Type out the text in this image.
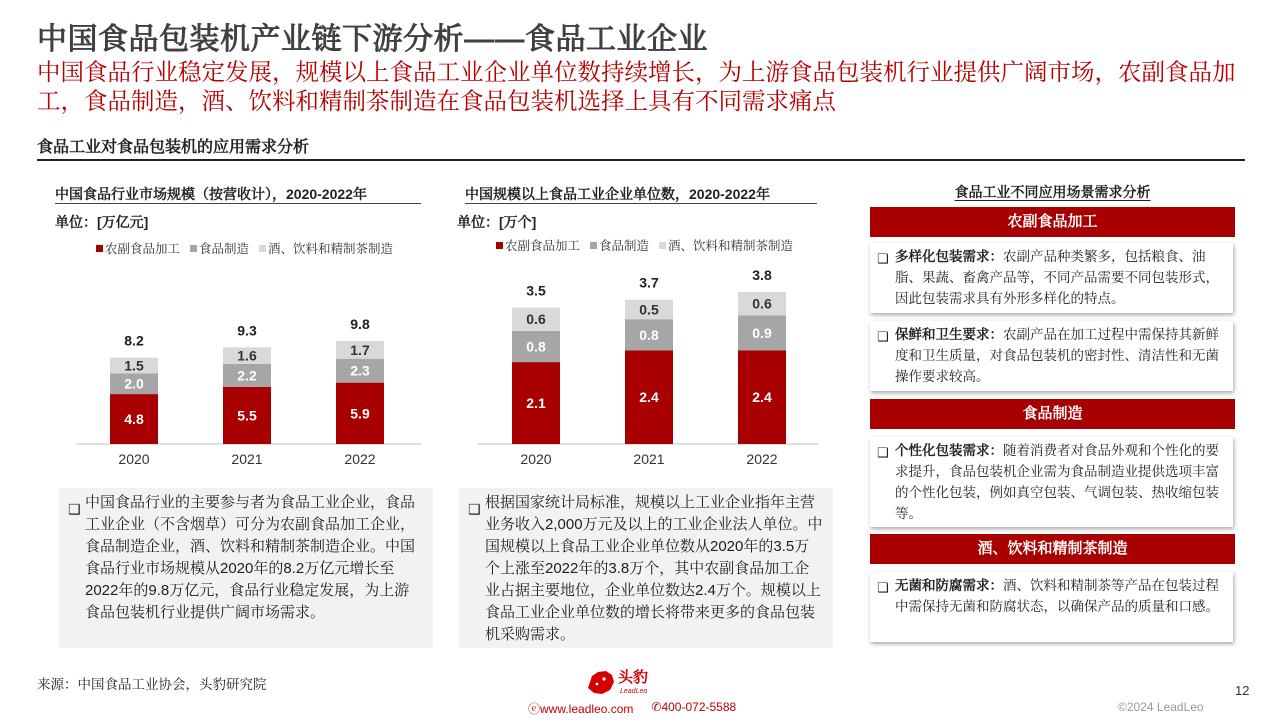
中国食品包装机产业链下游分析——食品工业企业
中国食品行业稳定发展，规模以上食品工业企业单位数持续增长，为上游食品包装机行业提供广阔市场，农副食品加工，食品制造，酒、饮料和精制茶制造在食品包装机选择上具有不同需求痛点
食品工业对食品包装机的应用需求分析
中国食品行业市场规模（按营收计），2020-2022年
单位：[万亿元]
农副食品加工 食品制造 酒、饮料和精制茶制造
4.8
2.0
1.5
8.2
2020
5.5
2.2
1.6
9.3
2021
5.9
2.3
1.7
9.8
2022
中国规模以上食品工业企业单位数，2020-2022年
单位：[万个]
农副食品加工 食品制造 酒、饮料和精制茶制造
2.1
0.8
0.6
3.5
2020
2.4
0.8
0.5
3.7
2021
2.4
0.9
0.6
3.8
2022
❑ 中国食品行业的主要参与者为食品工业企业，食品工业企业（不含烟草）可分为农副食品加工企业，食品制造企业，酒、饮料和精制茶制造企业。中国食品行业市场规模从2020年的8.2万亿元增长至2022年的9.8万亿元，食品行业稳定发展，为上游食品包装机行业提供广阔市场需求。
❑ 根据国家统计局标准，规模以上工业企业指年主营业务收入2,000万元及以上的工业企业法人单位。中国规模以上食品工业企业单位数从2020年的3.5万个上涨至2022年的3.8万个，其中农副食品加工企业占据主要地位，企业单位数达2.4万个。规模以上食品工业企业单位数的增长将带来更多的食品包装机采购需求。
食品工业不同应用场景需求分析
农副食品加工
❑ 多样化包装需求：农副产品种类繁多，包括粮食、油脂、果蔬、畜禽产品等，不同产品需要不同包装形式，因此包装需求具有外形多样化的特点。
❑ 保鲜和卫生要求：农副产品在加工过程中需保持其新鲜度和卫生质量，对食品包装机的密封性、清洁性和无菌操作要求较高。
食品制造
❑ 个性化包装需求：随着消费者对食品外观和个性化的要求提升，食品包装机企业需为食品制造业提供选项丰富的个性化包装，例如真空包装、气调包装、热收缩包装等。
酒、饮料和精制茶制造
❑ 无菌和防腐需求：酒、饮料和精制茶等产品在包装过程中需保持无菌和防腐状态，以确保产品的质量和口感。
来源：中国食品工业协会，头豹研究院	头豹
LeadLeo
ⓔwww.leadleo.com ✆400-072-5588
12
©2024 LeadLeo
